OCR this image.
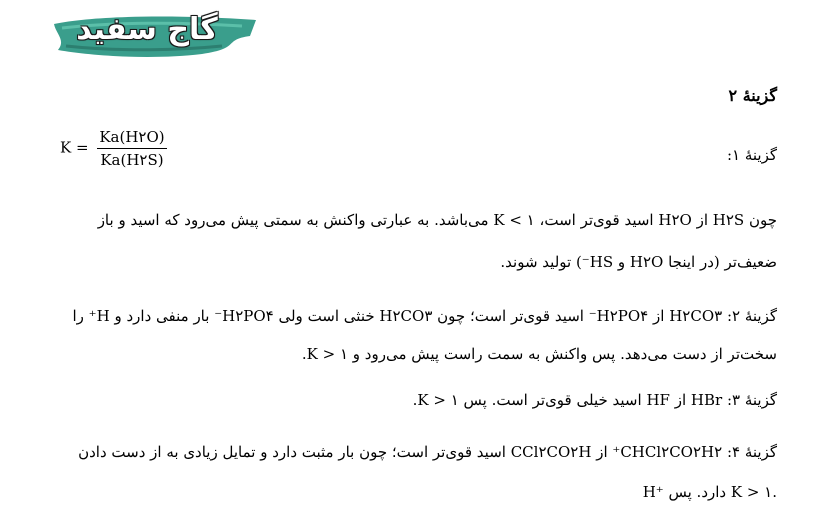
گاج سفید
گزینهٔ ۲
گزینهٔ ۱:
$K = \frac{Ka(H۲O)}{Ka(H۲S)}$
چون H۲S از H۲O اسید قوی‌تر است، K < ۱ می‌باشد. به عبارتی واکنش به سمتی پیش می‌رود که اسید و باز
ضعیف‌تر (در اینجا H۲O و HS⁻) تولید شوند.
گزینهٔ ۲: H۲CO۳ از H۲PO۴⁻ اسید قوی‌تر است؛ چون H۲CO۳ خنثی است ولی H۲PO۴⁻ بار منفی دارد و H⁺ را
سخت‌تر از دست می‌دهد. پس واکنش به سمت راست پیش می‌رود و K > ۱.
گزینهٔ ۳: HBr از HF اسید خیلی قوی‌تر است. پس K > ۱.
گزینهٔ ۴: CHCl۲CO۲H۲⁺ از CCl۲CO۲H اسید قوی‌تر است؛ چون بار مثبت دارد و تمایل زیادی به از دست دادن
H⁺ دارد. پس K > ۱.
